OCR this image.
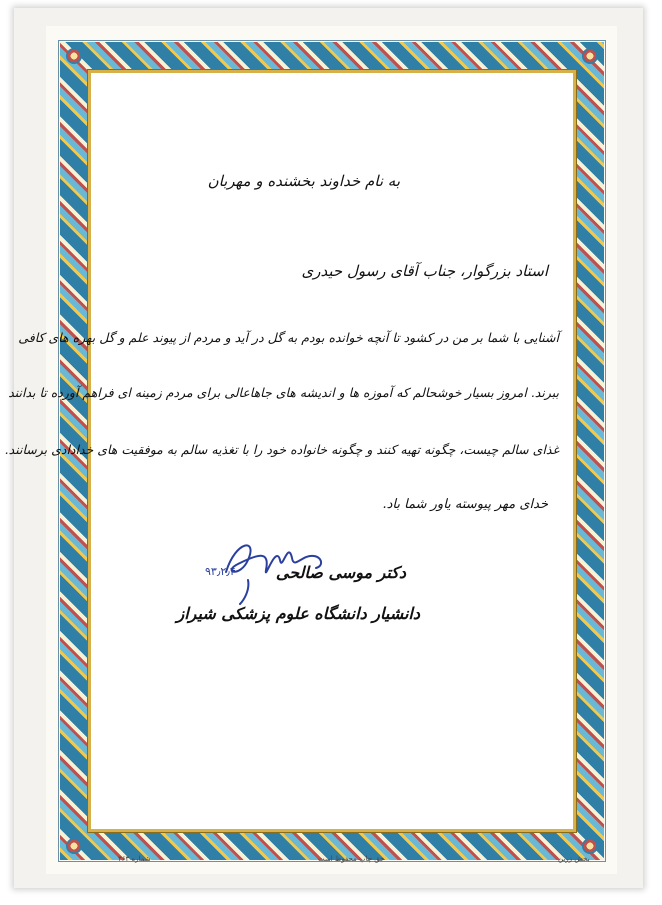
به نام خداوند بخشنده و مهربان
استاد بزرگوار، جناب آقای رسول حیدری
آشنایی با شما بر من در کشود تا آنچه خوانده بودم به گل در آید و مردم از پیوند علم و گل بهره های کافی
ببرند. امروز بسیار خوشحالم که آموزه ها و اندیشه های جاهاعالی برای مردم زمینه ای فراهم آورده تا بدانند
غذای سالم چیست، چگونه تهیه کنند و چگونه خانواده خود را با تغذیه سالم به موفقیت های خدادادی برسانند.
خدای مهر پیوسته یاور شما باد.
۹۳٫۲٫۴	دکتر موسی صالحی
دانشیار دانشگاه علوم پزشکی شیراز
شماره ۳۶۴	حق چاپ محفوظ است	بخش زرین
